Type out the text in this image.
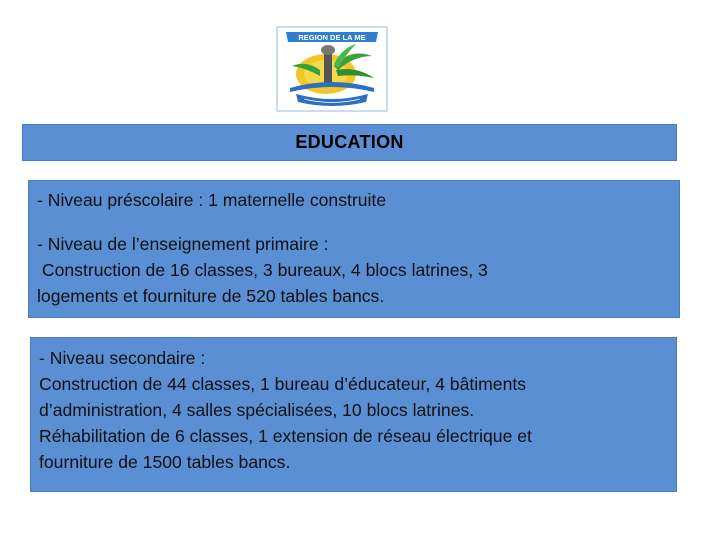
REGION DE LA ME
EDUCATION
- Niveau préscolaire : 1 maternelle construite
- Niveau de l’enseignement primaire :
Construction de 16 classes, 3 bureaux, 4 blocs latrines, 3
logements et fourniture de 520 tables bancs.
- Niveau secondaire :
Construction de 44 classes, 1 bureau d’éducateur, 4 bâtiments
d’administration, 4 salles spécialisées, 10 blocs latrines.
Réhabilitation de 6 classes, 1 extension de réseau électrique et
fourniture de 1500 tables bancs.
